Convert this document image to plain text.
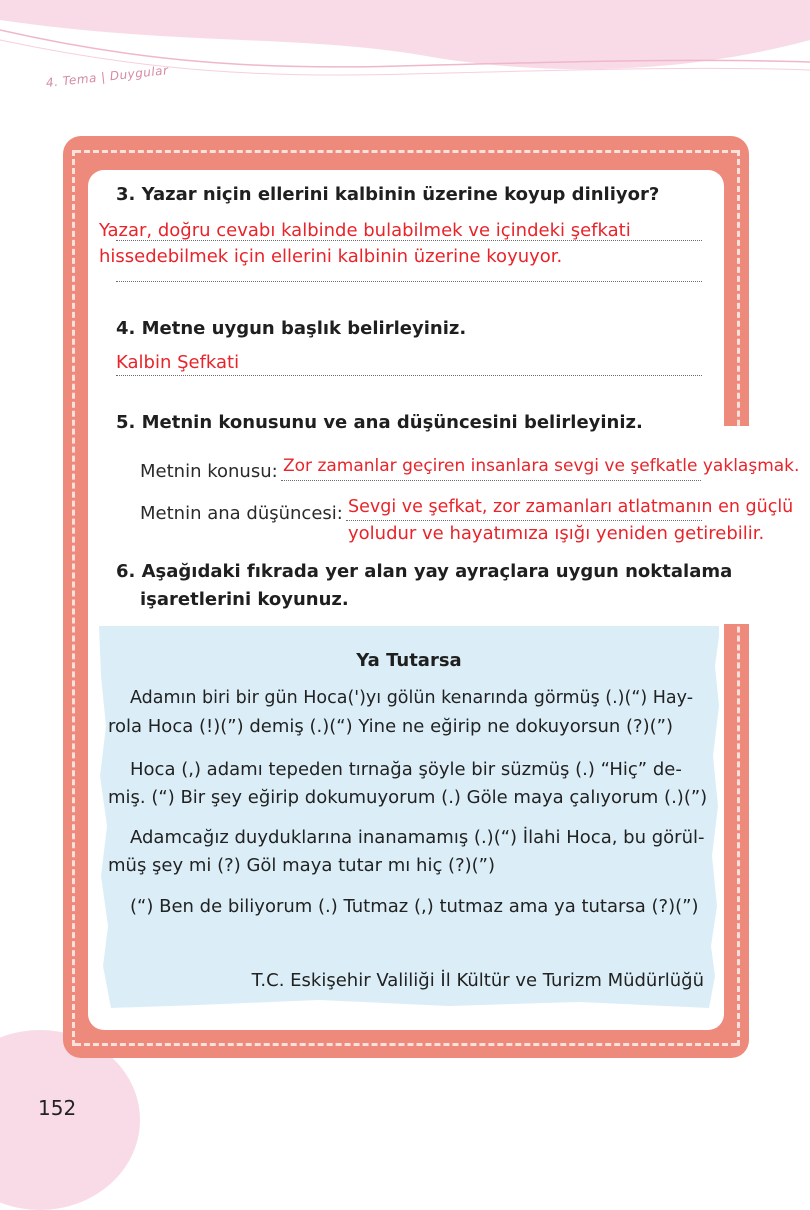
4. Tema | Duygular
3. Yazar niçin ellerini kalbinin üzerine koyup dinliyor?
Yazar, doğru cevabı kalbinde bulabilmek ve içindeki şefkati
hissedebilmek için ellerini kalbinin üzerine koyuyor.
4. Metne uygun başlık belirleyiniz.
Kalbin Şefkati
5. Metnin konusunu ve ana düşüncesini belirleyiniz.
Metnin konusu: Zor zamanlar geçiren insanlara sevgi ve şefkatle yaklaşmak.
Metnin ana düşüncesi: Sevgi ve şefkat, zor zamanları atlatmanın en güçlü
yoludur ve hayatımıza ışığı yeniden getirebilir.
6. Aşağıdaki fıkrada yer alan yay ayraçlara uygun noktalama
işaretlerini koyunuz.
Ya Tutarsa
Adamın biri bir gün Hoca(')yı gölün kenarında görmüş (.)(“) Hay-
rola Hoca (!)(”) demiş (.)(“) Yine ne eğirip ne dokuyorsun (?)(”)
Hoca (,) adamı tepeden tırnağa şöyle bir süzmüş (.) “Hiç” de-
miş. (“) Bir şey eğirip dokumuyorum (.) Göle maya çalıyorum (.)(”)
Adamcağız duyduklarına inanamamış (.)(“) İlahi Hoca, bu görül-
müş şey mi (?) Göl maya tutar mı hiç (?)(”)
(“) Ben de biliyorum (.) Tutmaz (,) tutmaz ama ya tutarsa (?)(”)
T.C. Eskişehir Valiliği İl Kültür ve Turizm Müdürlüğü
152
